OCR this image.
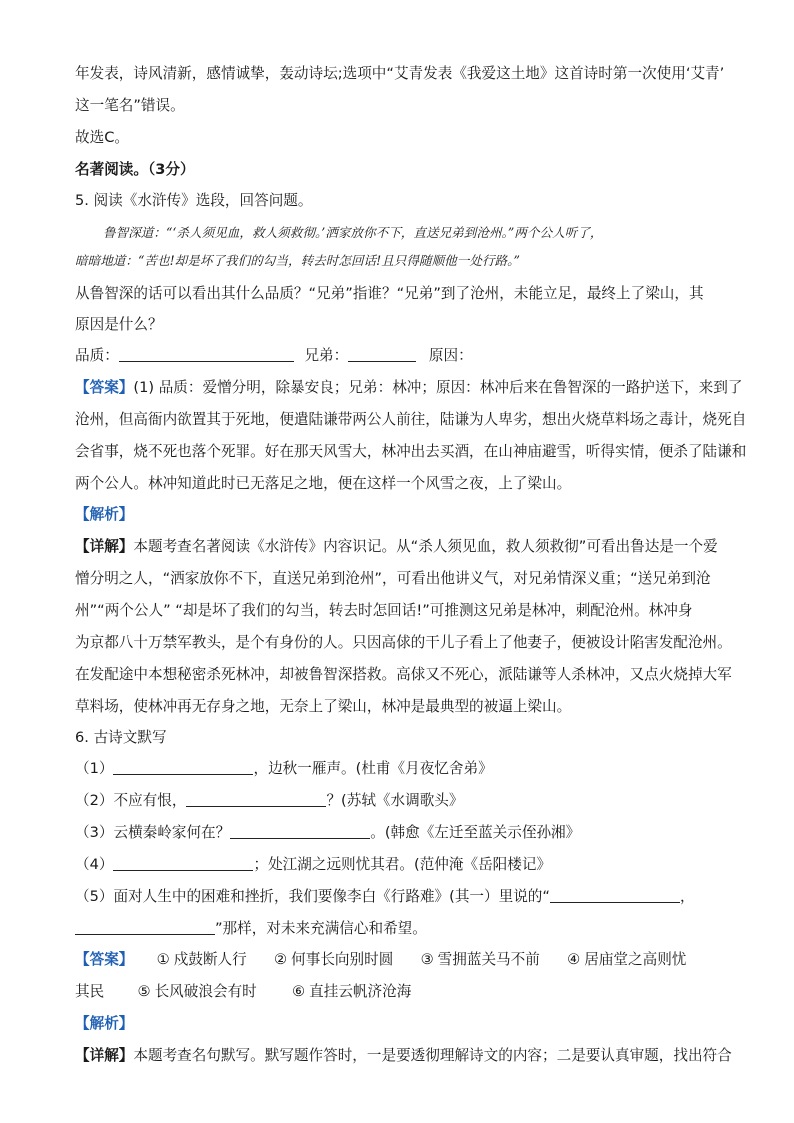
年发表，诗风清新，感情诚挚，轰动诗坛;选项中“艾青发表《我爱这土地》这首诗时第一次使用‘艾青’
这一笔名”错误。
故选C。
名著阅读。（3分）
5. 阅读《水浒传》选段，回答问题。
鲁智深道：“‘杀人须见血，救人须救彻。’洒家放你不下，直送兄弟到沧州。”两个公人听了，
暗暗地道：“苦也!却是坏了我们的勾当，转去时怎回话!且只得随顺他一处行路。”
从鲁智深的话可以看出其什么品质？“兄弟”指谁？“兄弟”到了沧州，未能立足，最终上了梁山，其
原因是什么？
品质：	兄弟：	原因：
【答案】(1) 品质：爱憎分明，除暴安良；兄弟：林冲；原因：林冲后来在鲁智深的一路护送下，来到了
沧州，但高衙内欲置其于死地，便遣陆谦带两公人前往，陆谦为人卑劣，想出火烧草料场之毒计，烧死自
会省事，烧不死也落个死罪。好在那天风雪大，林冲出去买酒，在山神庙避雪，听得实情，便杀了陆谦和
两个公人。林冲知道此时已无落足之地，便在这样一个风雪之夜，上了梁山。
【解析】
【详解】本题考查名著阅读《水浒传》内容识记。从“杀人须见血，救人须救彻”可看出鲁达是一个爱
憎分明之人，“洒家放你不下，直送兄弟到沧州”，可看出他讲义气，对兄弟情深义重；“送兄弟到沧
州”“两个公人” “却是坏了我们的勾当，转去时怎回话!”可推测这兄弟是林冲，刺配沧州。林冲身
为京都八十万禁军教头，是个有身份的人。只因高俅的干儿子看上了他妻子，便被设计陷害发配沧州。
在发配途中本想秘密杀死林冲，却被鲁智深搭救。高俅又不死心，派陆谦等人杀林冲，又点火烧掉大军
草料场，使林冲再无存身之地，无奈上了梁山，林冲是最典型的被逼上梁山。
6. 古诗文默写
（1）	，边秋一雁声。(杜甫《月夜忆舍弟》
（2）不应有恨，	？(苏轼《水调歌头》
（3）云横秦岭家何在？	。(韩愈《左迁至蓝关示侄孙湘》
（4）	；处江湖之远则忧其君。(范仲淹《岳阳楼记》
（5）面对人生中的困难和挫折，我们要像李白《行路难》(其一）里说的“	，
”那样，对未来充满信心和希望。
【答案】 ① 戍鼓断人行 ② 何事长向别时圆 ③ 雪拥蓝关马不前 ④ 居庙堂之高则忧
其民 ⑤ 长风破浪会有时 ⑥ 直挂云帆济沧海
【解析】
【详解】本题考查名句默写。默写题作答时，一是要透彻理解诗文的内容；二是要认真审题，找出符合
